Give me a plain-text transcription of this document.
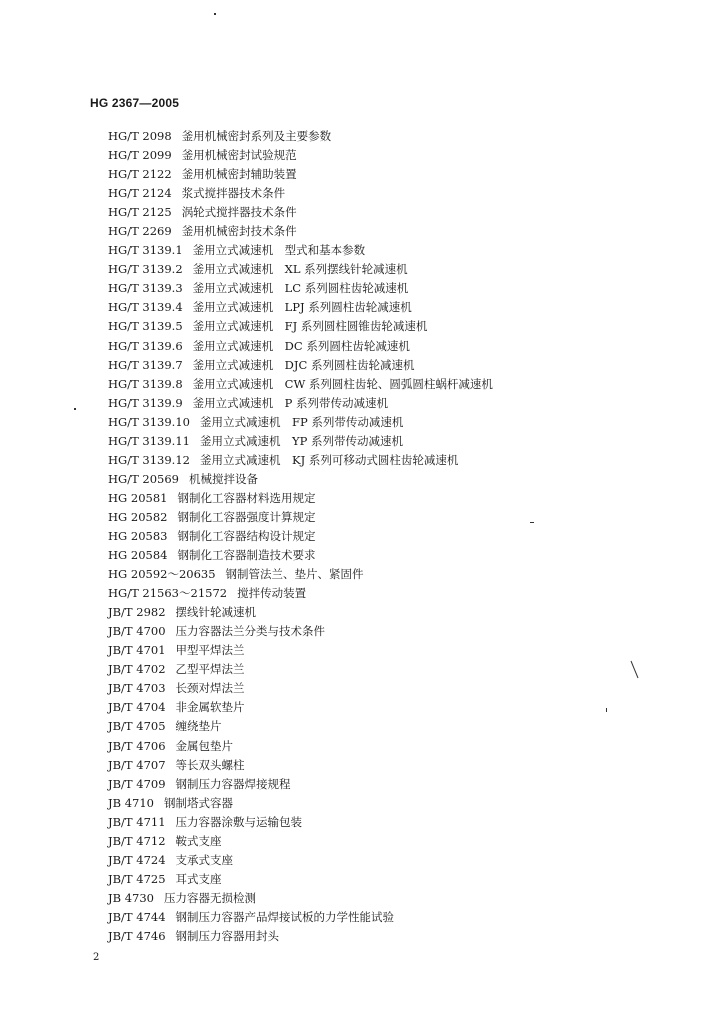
HG 2367—2005
HG/T 2098 釜用机械密封系列及主要参数
HG/T 2099 釜用机械密封试验规范
HG/T 2122 釜用机械密封辅助装置
HG/T 2124 浆式搅拌器技术条件
HG/T 2125 涡轮式搅拌器技术条件
HG/T 2269 釜用机械密封技术条件
HG/T 3139.1 釜用立式减速机　型式和基本参数
HG/T 3139.2 釜用立式减速机　XL 系列摆线针轮减速机
HG/T 3139.3 釜用立式减速机　LC 系列圆柱齿轮减速机
HG/T 3139.4 釜用立式减速机　LPJ 系列圆柱齿轮减速机
HG/T 3139.5 釜用立式减速机　FJ 系列圆柱圆锥齿轮减速机
HG/T 3139.6 釜用立式减速机　DC 系列圆柱齿轮减速机
HG/T 3139.7 釜用立式减速机　DJC 系列圆柱齿轮减速机
HG/T 3139.8 釜用立式减速机　CW 系列圆柱齿轮、圆弧圆柱蜗杆减速机
HG/T 3139.9 釜用立式减速机　P 系列带传动减速机
HG/T 3139.10 釜用立式减速机　FP 系列带传动减速机
HG/T 3139.11 釜用立式减速机　YP 系列带传动减速机
HG/T 3139.12 釜用立式减速机　KJ 系列可移动式圆柱齿轮减速机
HG/T 20569 机械搅拌设备
HG 20581 钢制化工容器材料选用规定
HG 20582 钢制化工容器强度计算规定
HG 20583 钢制化工容器结构设计规定
HG 20584 钢制化工容器制造技术要求
HG 20592～20635 钢制管法兰、垫片、紧固件
HG/T 21563～21572 搅拌传动装置
JB/T 2982 摆线针轮减速机
JB/T 4700 压力容器法兰分类与技术条件
JB/T 4701 甲型平焊法兰
JB/T 4702 乙型平焊法兰
JB/T 4703 长颈对焊法兰
JB/T 4704 非金属软垫片
JB/T 4705 缠绕垫片
JB/T 4706 金属包垫片
JB/T 4707 等长双头螺柱
JB/T 4709 钢制压力容器焊接规程
JB 4710 钢制塔式容器
JB/T 4711 压力容器涂敷与运输包装
JB/T 4712 鞍式支座
JB/T 4724 支承式支座
JB/T 4725 耳式支座
JB 4730 压力容器无损检测
JB/T 4744 钢制压力容器产品焊接试板的力学性能试验
JB/T 4746 钢制压力容器用封头
2
